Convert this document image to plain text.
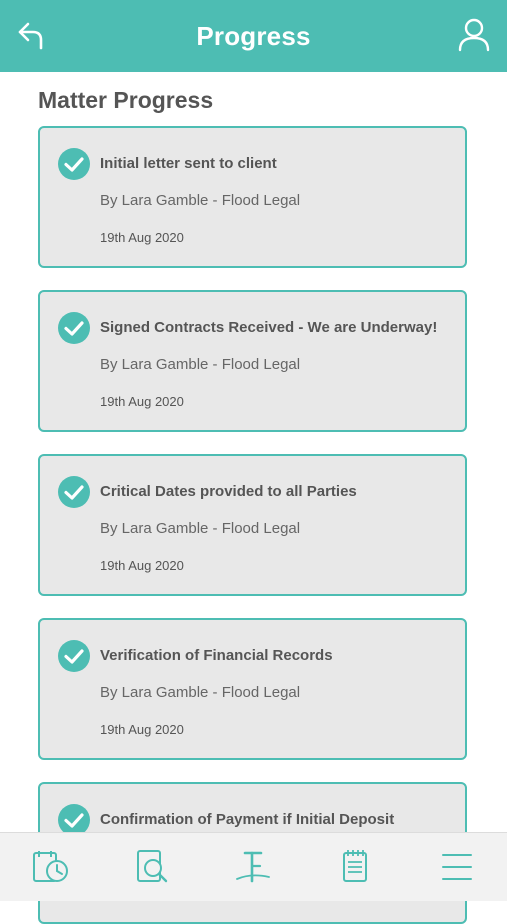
Progress
Matter Progress
Initial letter sent to client
By Lara Gamble - Flood Legal
19th Aug 2020
Signed Contracts Received - We are Underway!
By Lara Gamble - Flood Legal
19th Aug 2020
Critical Dates provided to all Parties
By Lara Gamble - Flood Legal
19th Aug 2020
Verification of Financial Records
By Lara Gamble - Flood Legal
19th Aug 2020
Confirmation of Payment if Initial Deposit
